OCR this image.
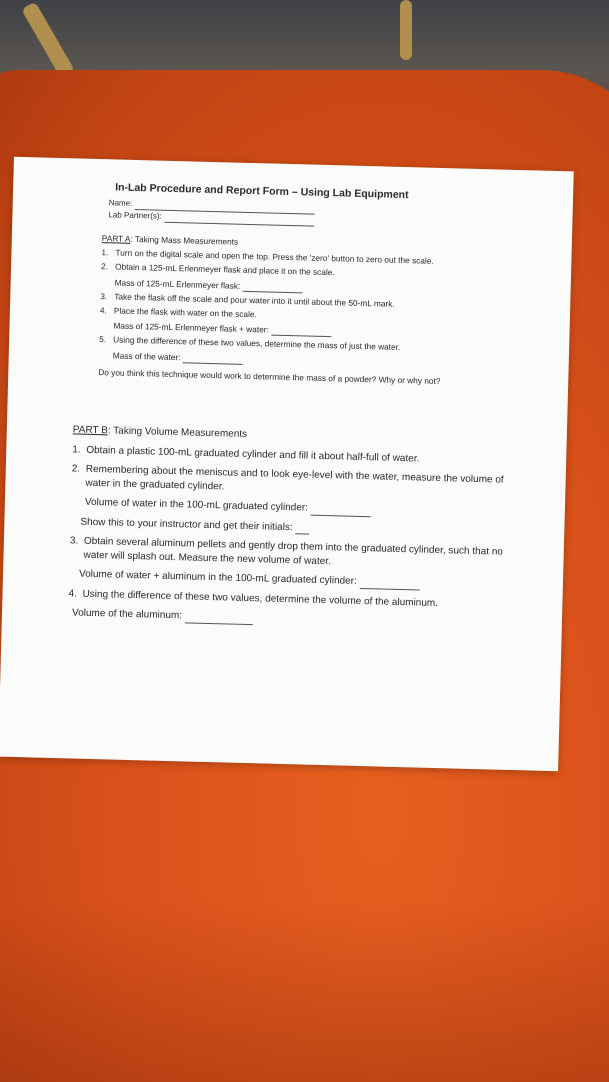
In-Lab Procedure and Report Form – Using Lab Equipment
Name:
Lab Partner(s):
PART A: Taking Mass Measurements
1. Turn on the digital scale and open the top. Press the 'zero' button to zero out the scale.
2. Obtain a 125-mL Erlenmeyer flask and place it on the scale.
Mass of 125-mL Erlenmeyer flask:
3. Take the flask off the scale and pour water into it until about the 50-mL mark.
4. Place the flask with water on the scale.
Mass of 125-mL Erlenmeyer flask + water:
5. Using the difference of these two values, determine the mass of just the water.
Mass of the water:
Do you think this technique would work to determine the mass of a powder? Why or why not?
PART B: Taking Volume Measurements
1. Obtain a plastic 100-mL graduated cylinder and fill it about half-full of water.
2. Remembering about the meniscus and to look eye-level with the water, measure the volume of water in the graduated cylinder.
Volume of water in the 100-mL graduated cylinder:
Show this to your instructor and get their initials:
3. Obtain several aluminum pellets and gently drop them into the graduated cylinder, such that no water will splash out. Measure the new volume of water.
Volume of water + aluminum in the 100-mL graduated cylinder:
4. Using the difference of these two values, determine the volume of the aluminum.
Volume of the aluminum:
